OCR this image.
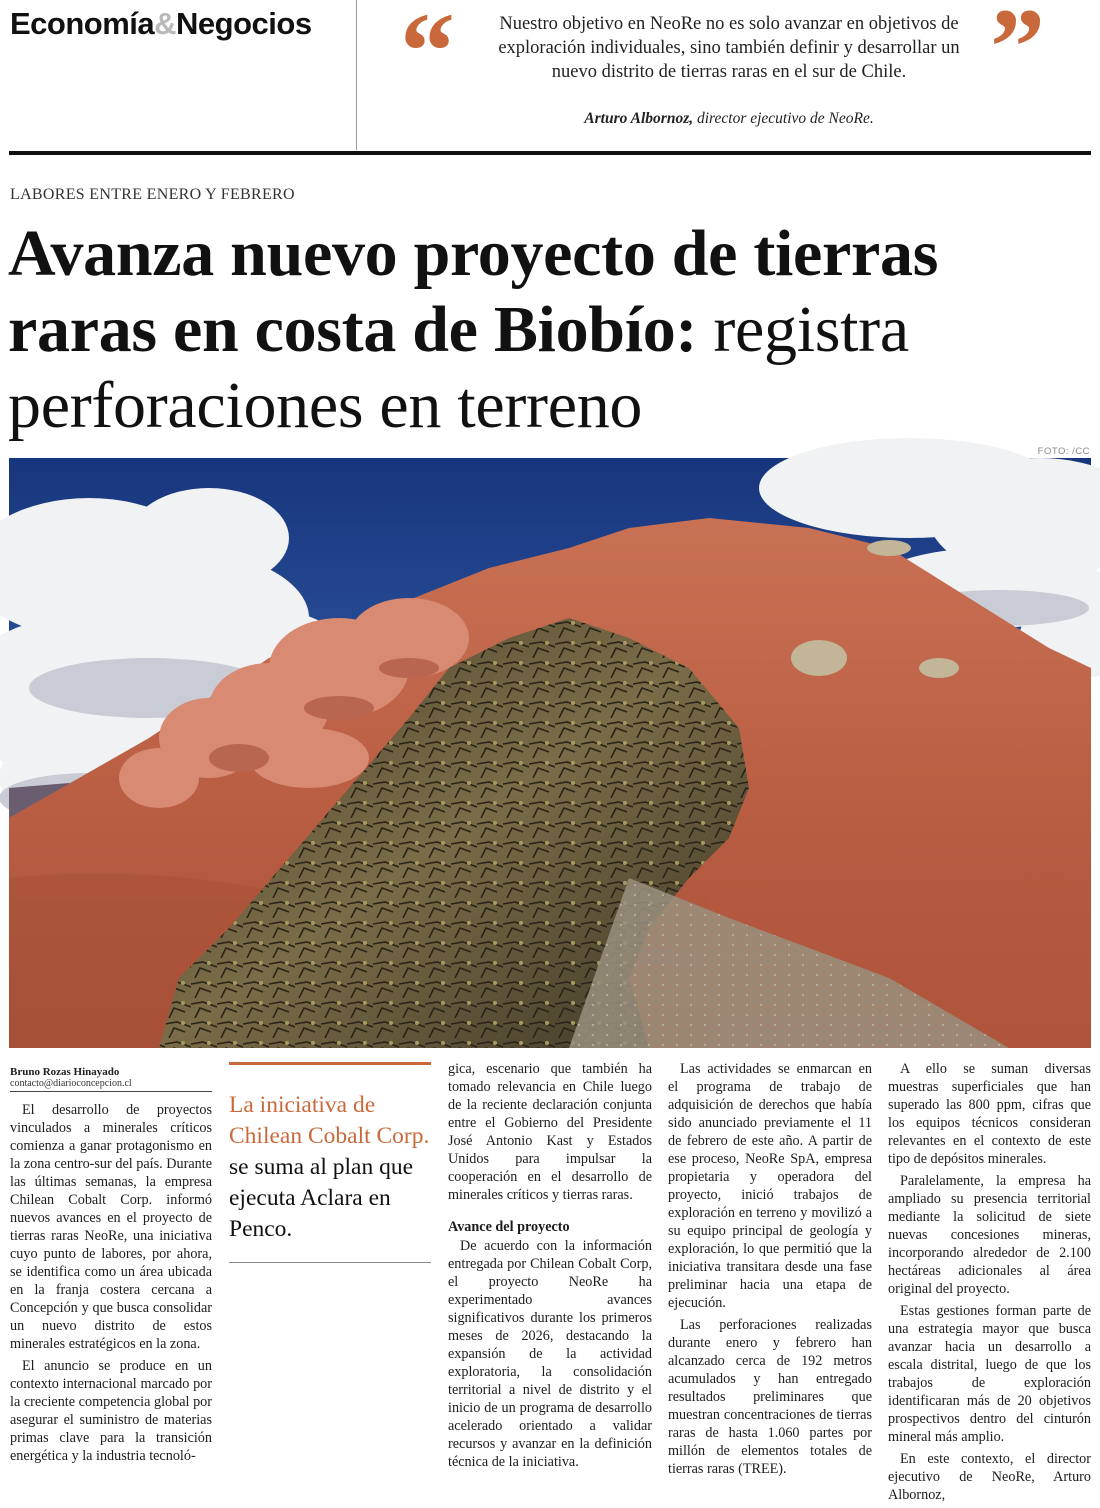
Economía&Negocios “	Nuestro objetivo en NeoRe no es solo avanzar en objetivos de exploración individuales, sino también definir y desarrollar un nuevo distrito de tierras raras en el sur de Chile. ”
Arturo Albornoz, director ejecutivo de NeoRe.
LABORES ENTRE ENERO Y FEBRERO
Avanza nuevo proyecto de tierras raras en costa de Biobío: registra perforaciones en terreno
FOTO: /CC
Bruno Rozas Hinayado
contacto@diarioconcepcion.cl

El desarrollo de proyectos vinculados a minerales críticos comienza a ganar protagonismo en la zona centro-sur del país. Durante las últimas semanas, la empresa Chilean Cobalt Corp. informó nuevos avances en el proyecto de tierras raras NeoRe, una iniciativa cuyo punto de labores, por ahora, se identifica como un área ubicada en la franja costera cercana a Concepción y que busca consolidar un nuevo distrito de estos minerales estratégicos en la zona.

El anuncio se produce en un contexto internacional marcado por la creciente competencia global por asegurar el suministro de materias primas clave para la transición energética y la industria tecnoló-

La iniciativa de Chilean Cobalt Corp. se suma al plan que ejecuta Aclara en Penco.

gica, escenario que también ha tomado relevancia en Chile luego de la reciente declaración conjunta entre el Gobierno del Presidente José Antonio Kast y Estados Unidos para impulsar la cooperación en el desarrollo de minerales críticos y tierras raras.

Avance del proyecto

De acuerdo con la información entregada por Chilean Cobalt Corp, el proyecto NeoRe ha experimentado avances significativos durante los primeros meses de 2026, destacando la expansión de la actividad exploratoria, la consolidación territorial a nivel de distrito y el inicio de un programa de desarrollo acelerado orientado a validar recursos y avanzar en la definición técnica de la iniciativa.

Las actividades se enmarcan en el programa de trabajo de adquisición de derechos que había sido anunciado previamente el 11 de febrero de este año. A partir de ese proceso, NeoRe SpA, empresa propietaria y operadora del proyecto, inició trabajos de exploración en terreno y movilizó a su equipo principal de geología y exploración, lo que permitió que la iniciativa transitara desde una fase preliminar hacia una etapa de ejecución.

Las perforaciones realizadas durante enero y febrero han alcanzado cerca de 192 metros acumulados y han entregado resultados preliminares que muestran concentraciones de tierras raras de hasta 1.060 partes por millón de elementos totales de tierras raras (TREE).

A ello se suman diversas muestras superficiales que han superado las 800 ppm, cifras que los equipos técnicos consideran relevantes en el contexto de este tipo de depósitos minerales.

Paralelamente, la empresa ha ampliado su presencia territorial mediante la solicitud de siete nuevas concesiones mineras, incorporando alrededor de 2.100 hectáreas adicionales al área original del proyecto.

Estas gestiones forman parte de una estrategia mayor que busca avanzar hacia un desarrollo a escala distrital, luego de que los trabajos de exploración identificaran más de 20 objetivos prospectivos dentro del cinturón mineral más amplio.

En este contexto, el director ejecutivo de NeoRe, Arturo Albornoz,
